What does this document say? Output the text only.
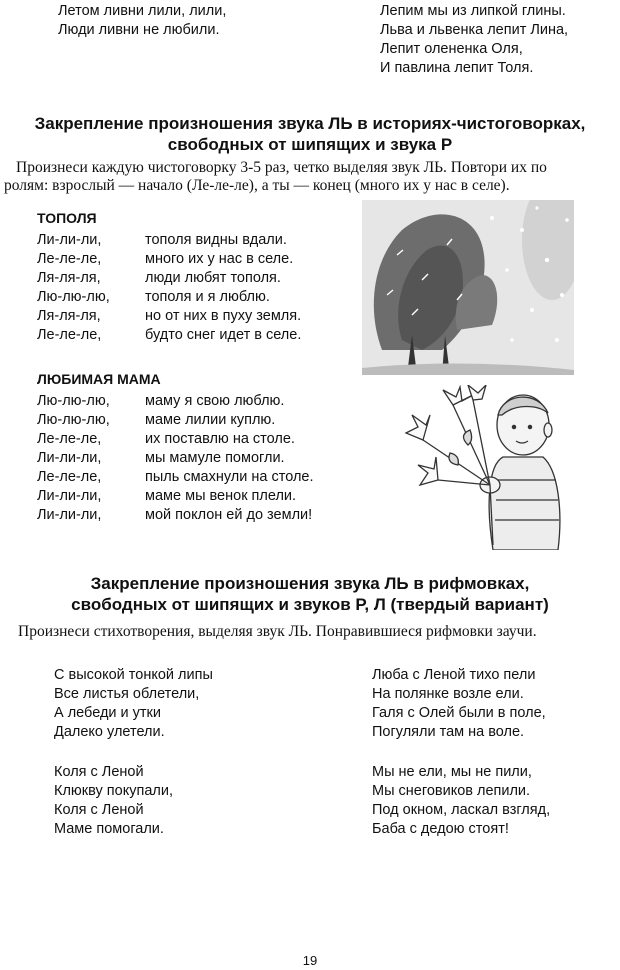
Летом ливни лили, лили,
Люди ливни не любили.
Лепим мы из липкой глины.
Льва и львенка лепит Лина,
Лепит олененка Оля,
И павлина лепит Толя.
Закрепление произношения звука ЛЬ в историях-чистоговорках,
свободных от шипящих и звука Р
Произнеси каждую чистоговорку 3-5 раз, четко выделяя звук ЛЬ. Повтори их по
ролям: взрослый — начало (Ле-ле-ле), а ты — конец (много их у нас в селе).
ТОПОЛЯ
Ли-ли-ли,	тополя видны вдали.
Ле-ле-ле,	много их у нас в селе.
Ля-ля-ля,	люди любят тополя.
Лю-лю-лю, тополя и я люблю.
Ля-ля-ля,	но от них в пуху земля.
Ле-ле-ле,	будто снег идет в селе.
ЛЮБИМАЯ МАМА
Лю-лю-лю, маму я свою люблю.
Лю-лю-лю, маме лилии куплю.
Ле-ле-ле,	их поставлю на столе.
Ли-ли-ли,	мы мамуле помогли.
Ле-ле-ле,	пыль смахнули на столе.
Ли-ли-ли,	маме мы венок плели.
Ли-ли-ли,	мой поклон ей до земли!
Закрепление произношения звука ЛЬ в рифмовках,
свободных от шипящих и звуков Р, Л (твердый вариант)
Произнеси стихотворения, выделяя звук ЛЬ. Понравившиеся рифмовки заучи.
С высокой тонкой липы
Все листья облетели,
А лебеди и утки
Далеко улетели.
Люба с Леной тихо пели
На полянке возле ели.
Галя с Олей были в поле,
Погуляли там на воле.
Коля с Леной
Клюкву покупали,
Коля с Леной
Маме помогали.
Мы не ели, мы не пили,
Мы снеговиков лепили.
Под окном, ласкал взгляд,
Баба с дедою стоят!
19
